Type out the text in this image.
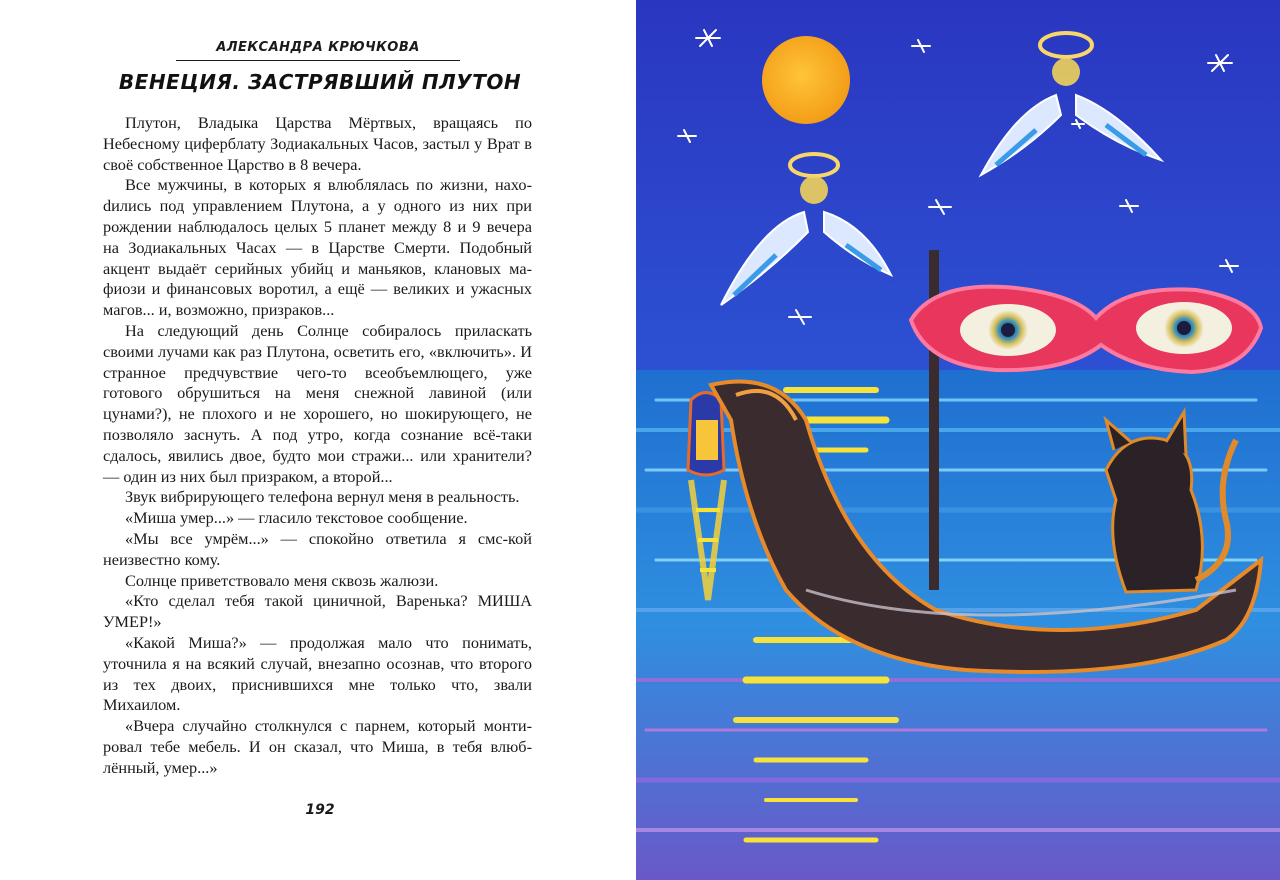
АЛЕКСАНДРА КРЮЧКОВА
ВЕНЕЦИЯ. ЗАСТРЯВШИЙ ПЛУТОН

Плутон, Владыка Царства Мёртвых, вращаясь по Небесному циферблату Зодиакальных Часов, застыл у Врат в своё собственное Царство в 8 вечера.

Все мужчины, в которых я влюблялась по жизни, нахоdились под управлением Плутона, а у одного из них при рождении наблюдалось целых 5 планет между 8 и 9 вечера на Зодиакальных Часах — в Царстве Смерти. Подобный акцент выдаёт серийных убийц и маньяков, клановых мафиози и финансовых воротил, а ещё — великих и ужасных магов... и, возможно, призраков...

На следующий день Солнце собиралось приласкать своими лучами как раз Плутона, осветить его, «включить». И странное предчувствие чего-то всеобъемлющего, уже готового обрушиться на меня снежной лавиной (или цунами?), не плохого и не хорошего, но шокирующего, не позволяло заснуть. А под утро, когда сознание всё-таки сдалось, явились двое, будто мои стражи... или хранители? — один из них был призраком, а второй...

Звук вибрирующего телефона вернул меня в реальность.

«Миша умер...» — гласило текстовое сообщение.

«Мы все умрём...» — спокойно ответила я смс-кой неизвестно кому.

Солнце приветствовало меня сквозь жалюзи.

«Кто сделал тебя такой циничной, Варенька? МИША УМЕР!»

«Какой Миша?» — продолжая мало что понимать, уточнила я на всякий случай, внезапно осознав, что второго из тех двоих, приснившихся мне только что, звали Михаилом.

«Вчера случайно столкнулся с парнем, который монтировал тебе мебель. И он сказал, что Миша, в тебя влюблённый, умер...»

192
